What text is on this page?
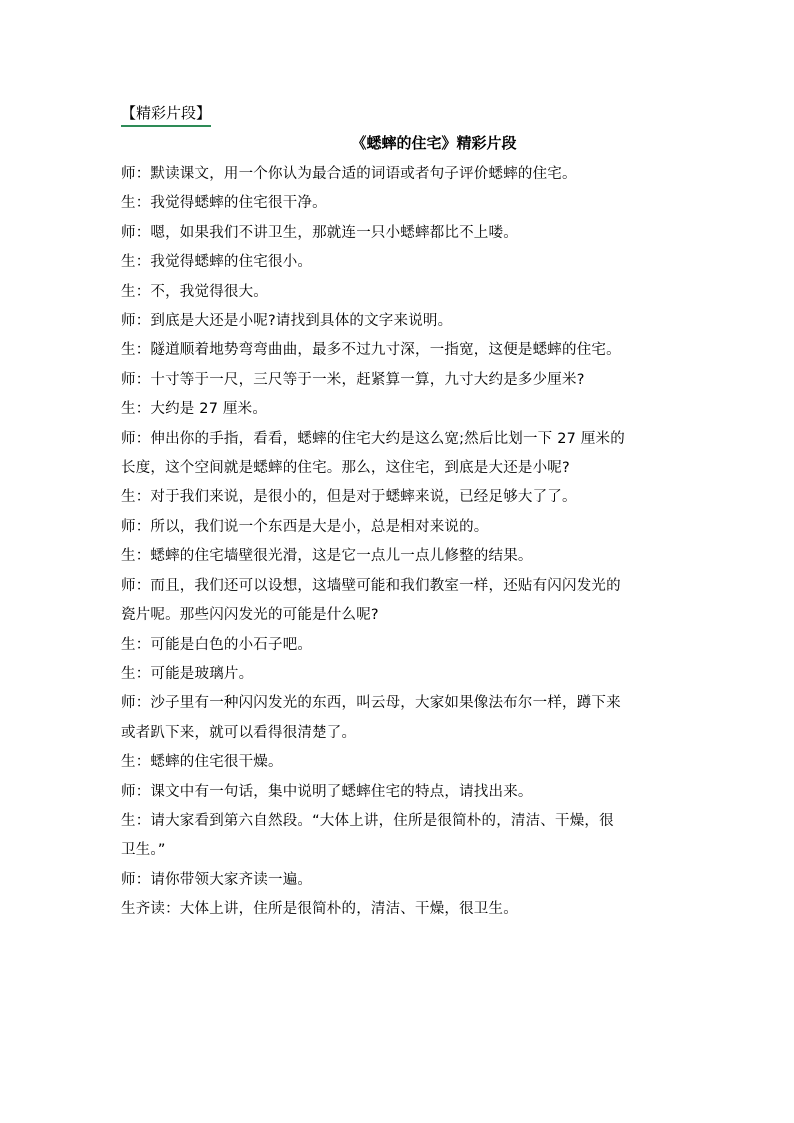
【精彩片段】
《蟋蟀的住宅》精彩片段
师：默读课文，用一个你认为最合适的词语或者句子评价蟋蟀的住宅。
生：我觉得蟋蟀的住宅很干净。
师：嗯，如果我们不讲卫生，那就连一只小蟋蟀都比不上喽。
生：我觉得蟋蟀的住宅很小。
生：不，我觉得很大。
师：到底是大还是小呢?请找到具体的文字来说明。
生：隧道顺着地势弯弯曲曲，最多不过九寸深，一指宽，这便是蟋蟀的住宅。
师：十寸等于一尺，三尺等于一米，赶紧算一算，九寸大约是多少厘米?
生：大约是 27 厘米。
师：伸出你的手指，看看，蟋蟀的住宅大约是这么宽;然后比划一下 27 厘米的
长度，这个空间就是蟋蟀的住宅。那么，这住宅，到底是大还是小呢?
生：对于我们来说，是很小的，但是对于蟋蟀来说，已经足够大了了。
师：所以，我们说一个东西是大是小，总是相对来说的。
生：蟋蟀的住宅墙壁很光滑，这是它一点儿一点儿修整的结果。
师：而且，我们还可以设想，这墙壁可能和我们教室一样，还贴有闪闪发光的
瓷片呢。那些闪闪发光的可能是什么呢?
生：可能是白色的小石子吧。
生：可能是玻璃片。
师：沙子里有一种闪闪发光的东西，叫云母，大家如果像法布尔一样，蹲下来
或者趴下来，就可以看得很清楚了。
生：蟋蟀的住宅很干燥。
师：课文中有一句话，集中说明了蟋蟀住宅的特点，请找出来。
生：请大家看到第六自然段。“大体上讲，住所是很简朴的，清洁、干燥，很
卫生。”
师：请你带领大家齐读一遍。
生齐读：大体上讲，住所是很简朴的，清洁、干燥，很卫生。
